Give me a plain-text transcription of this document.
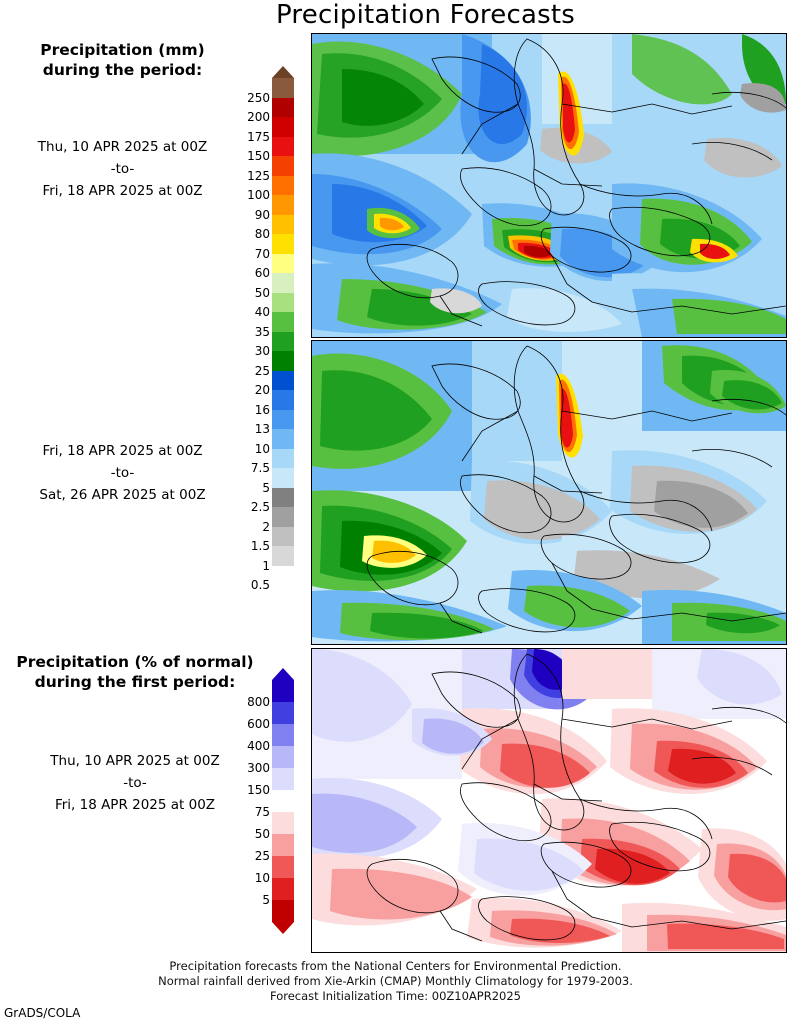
Precipitation Forecasts
Precipitation (mm)
during the period:
Thu, 10 APR 2025 at 00Z
-to-
Fri, 18 APR 2025 at 00Z
Fri, 18 APR 2025 at 00Z
-to-
Sat, 26 APR 2025 at 00Z
Precipitation (% of normal)
during the first period:
Thu, 10 APR 2025 at 00Z
-to-
Fri, 18 APR 2025 at 00Z
250
200
175
150
125
100
90
80
70
60
50
40
35
30
25
20
16
13
10
7.5
5
2.5
2
1.5
1
0.5
800
600
400
300
150
75
50
25
10
5
Precipitation forecasts from the National Centers for Environmental Prediction.
Normal rainfall derived from Xie-Arkin (CMAP) Monthly Climatology for 1979-2003.
Forecast Initialization Time: 00Z10APR2025
GrADS/COLA
